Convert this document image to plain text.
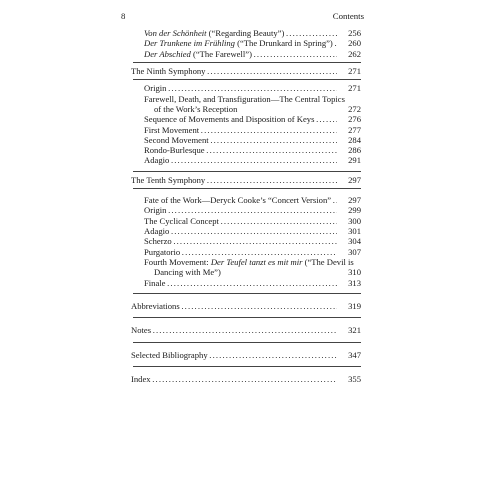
8	Contents
Von der Schönheit (“Regarding Beauty”) . . .	256
Der Trunkene im Frühling (“The Drunkard in Spring”) . . .	260
Der Abschied (“The Farewell”) . . .	262
The Ninth Symphony . . .	271
Origin . . .	271
Farewell, Death, and Transfiguration—The Central Topics
of the Work’s Reception	272
Sequence of Movements and Disposition of Keys . . .	276
First Movement . . .	277
Second Movement . . .	284
Rondo-Burlesque . . .	286
Adagio . . .	291
The Tenth Symphony . . .	297
Fate of the Work—Deryck Cooke’s “Concert Version” . . .	297
Origin . . .	299
The Cyclical Concept . . .	300
Adagio . . .	301
Scherzo . . .	304
Purgatorio . . .	307
Fourth Movement: Der Teufel tanzt es mit mir (“The Devil is
Dancing with Me”)	310
Finale . . .	313
Abbreviations . . .	319
Notes . . .	321
Selected Bibliography . . .	347
Index . . .	355
